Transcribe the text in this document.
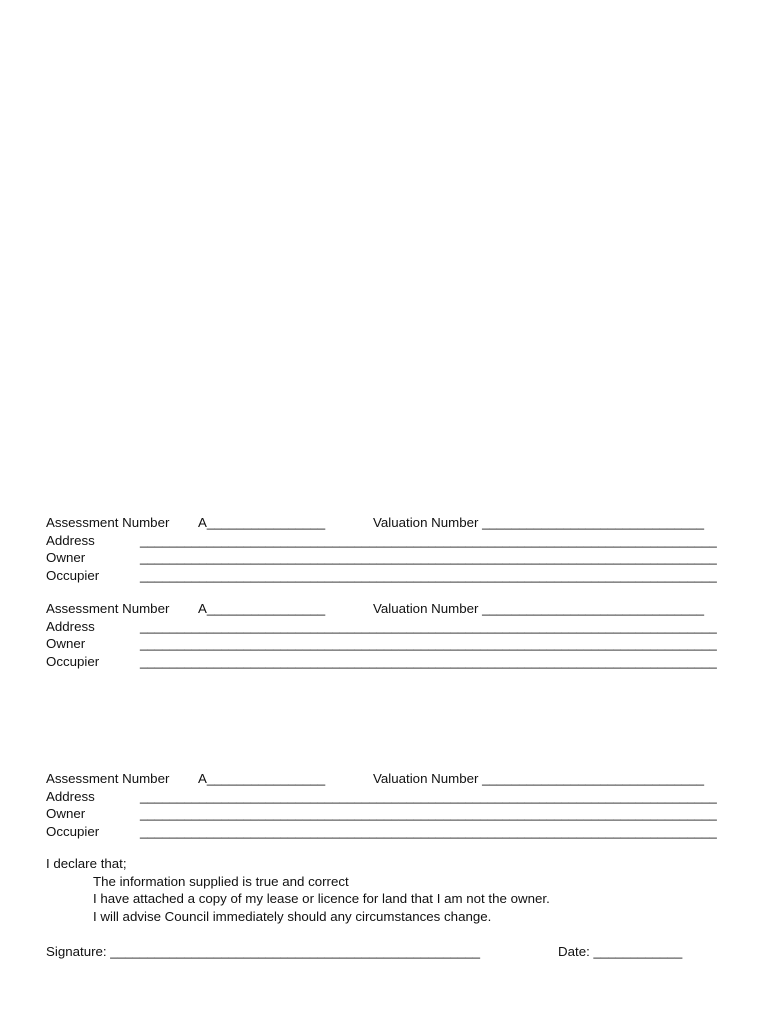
Assessment Number A________________	Valuation Number ______________________________
Address	______________________________________________________________________________
Owner	______________________________________________________________________________
Occupier	______________________________________________________________________________
Assessment Number A________________	Valuation Number ______________________________
Address	______________________________________________________________________________
Owner	______________________________________________________________________________
Occupier	______________________________________________________________________________
Assessment Number A________________	Valuation Number ______________________________
Address	______________________________________________________________________________
Owner	______________________________________________________________________________
Occupier	______________________________________________________________________________
I declare that;
The information supplied is true and correct
I have attached a copy of my lease or licence for land that I am not the owner.
I will advise Council immediately should any circumstances change.
Signature: __________________________________________________	Date: ____________
